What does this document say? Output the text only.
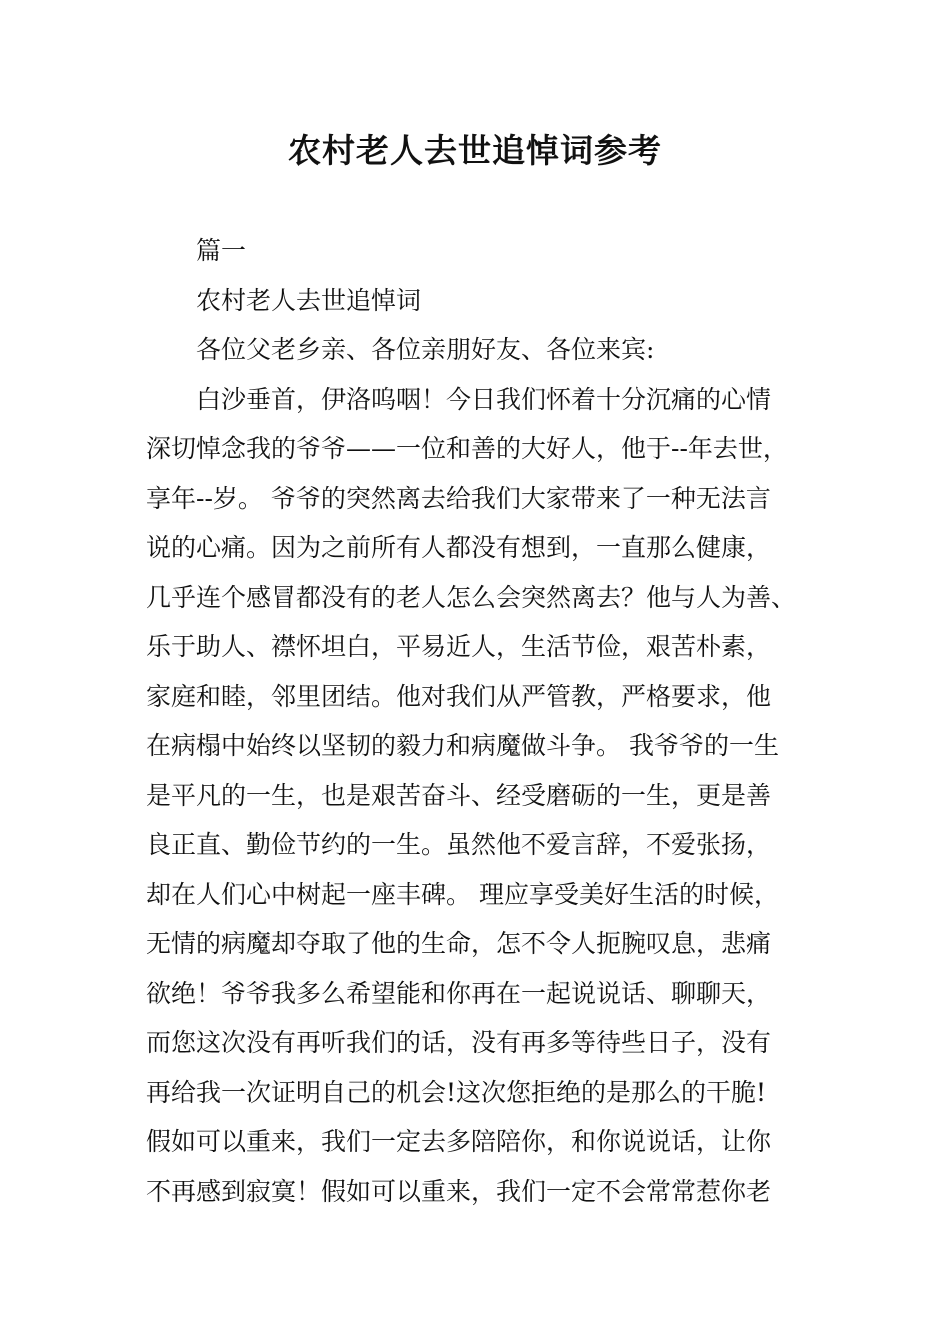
农村老人去世追悼词参考
篇一
农村老人去世追悼词
各位父老乡亲、各位亲朋好友、各位来宾:
白沙垂首，伊洛呜咽！今日我们怀着十分沉痛的心情
深切悼念我的爷爷——一位和善的大好人，他于--年去世，
享年--岁。 爷爷的突然离去给我们大家带来了一种无法言
说的心痛。因为之前所有人都没有想到，一直那么健康，
几乎连个感冒都没有的老人怎么会突然离去？他与人为善、
乐于助人、襟怀坦白，平易近人，生活节俭，艰苦朴素，
家庭和睦，邻里团结。他对我们从严管教，严格要求，他
在病榻中始终以坚韧的毅力和病魔做斗争。 我爷爷的一生
是平凡的一生，也是艰苦奋斗、经受磨砺的一生，更是善
良正直、勤俭节约的一生。虽然他不爱言辞，不爱张扬，
却在人们心中树起一座丰碑。 理应享受美好生活的时候，
无情的病魔却夺取了他的生命，怎不令人扼腕叹息，悲痛
欲绝！爷爷我多么希望能和你再在一起说说话、聊聊天，
而您这次没有再听我们的话，没有再多等待些日子，没有
再给我一次证明自己的机会!这次您拒绝的是那么的干脆!
假如可以重来，我们一定去多陪陪你，和你说说话，让你
不再感到寂寞！假如可以重来，我们一定不会常常惹你老
